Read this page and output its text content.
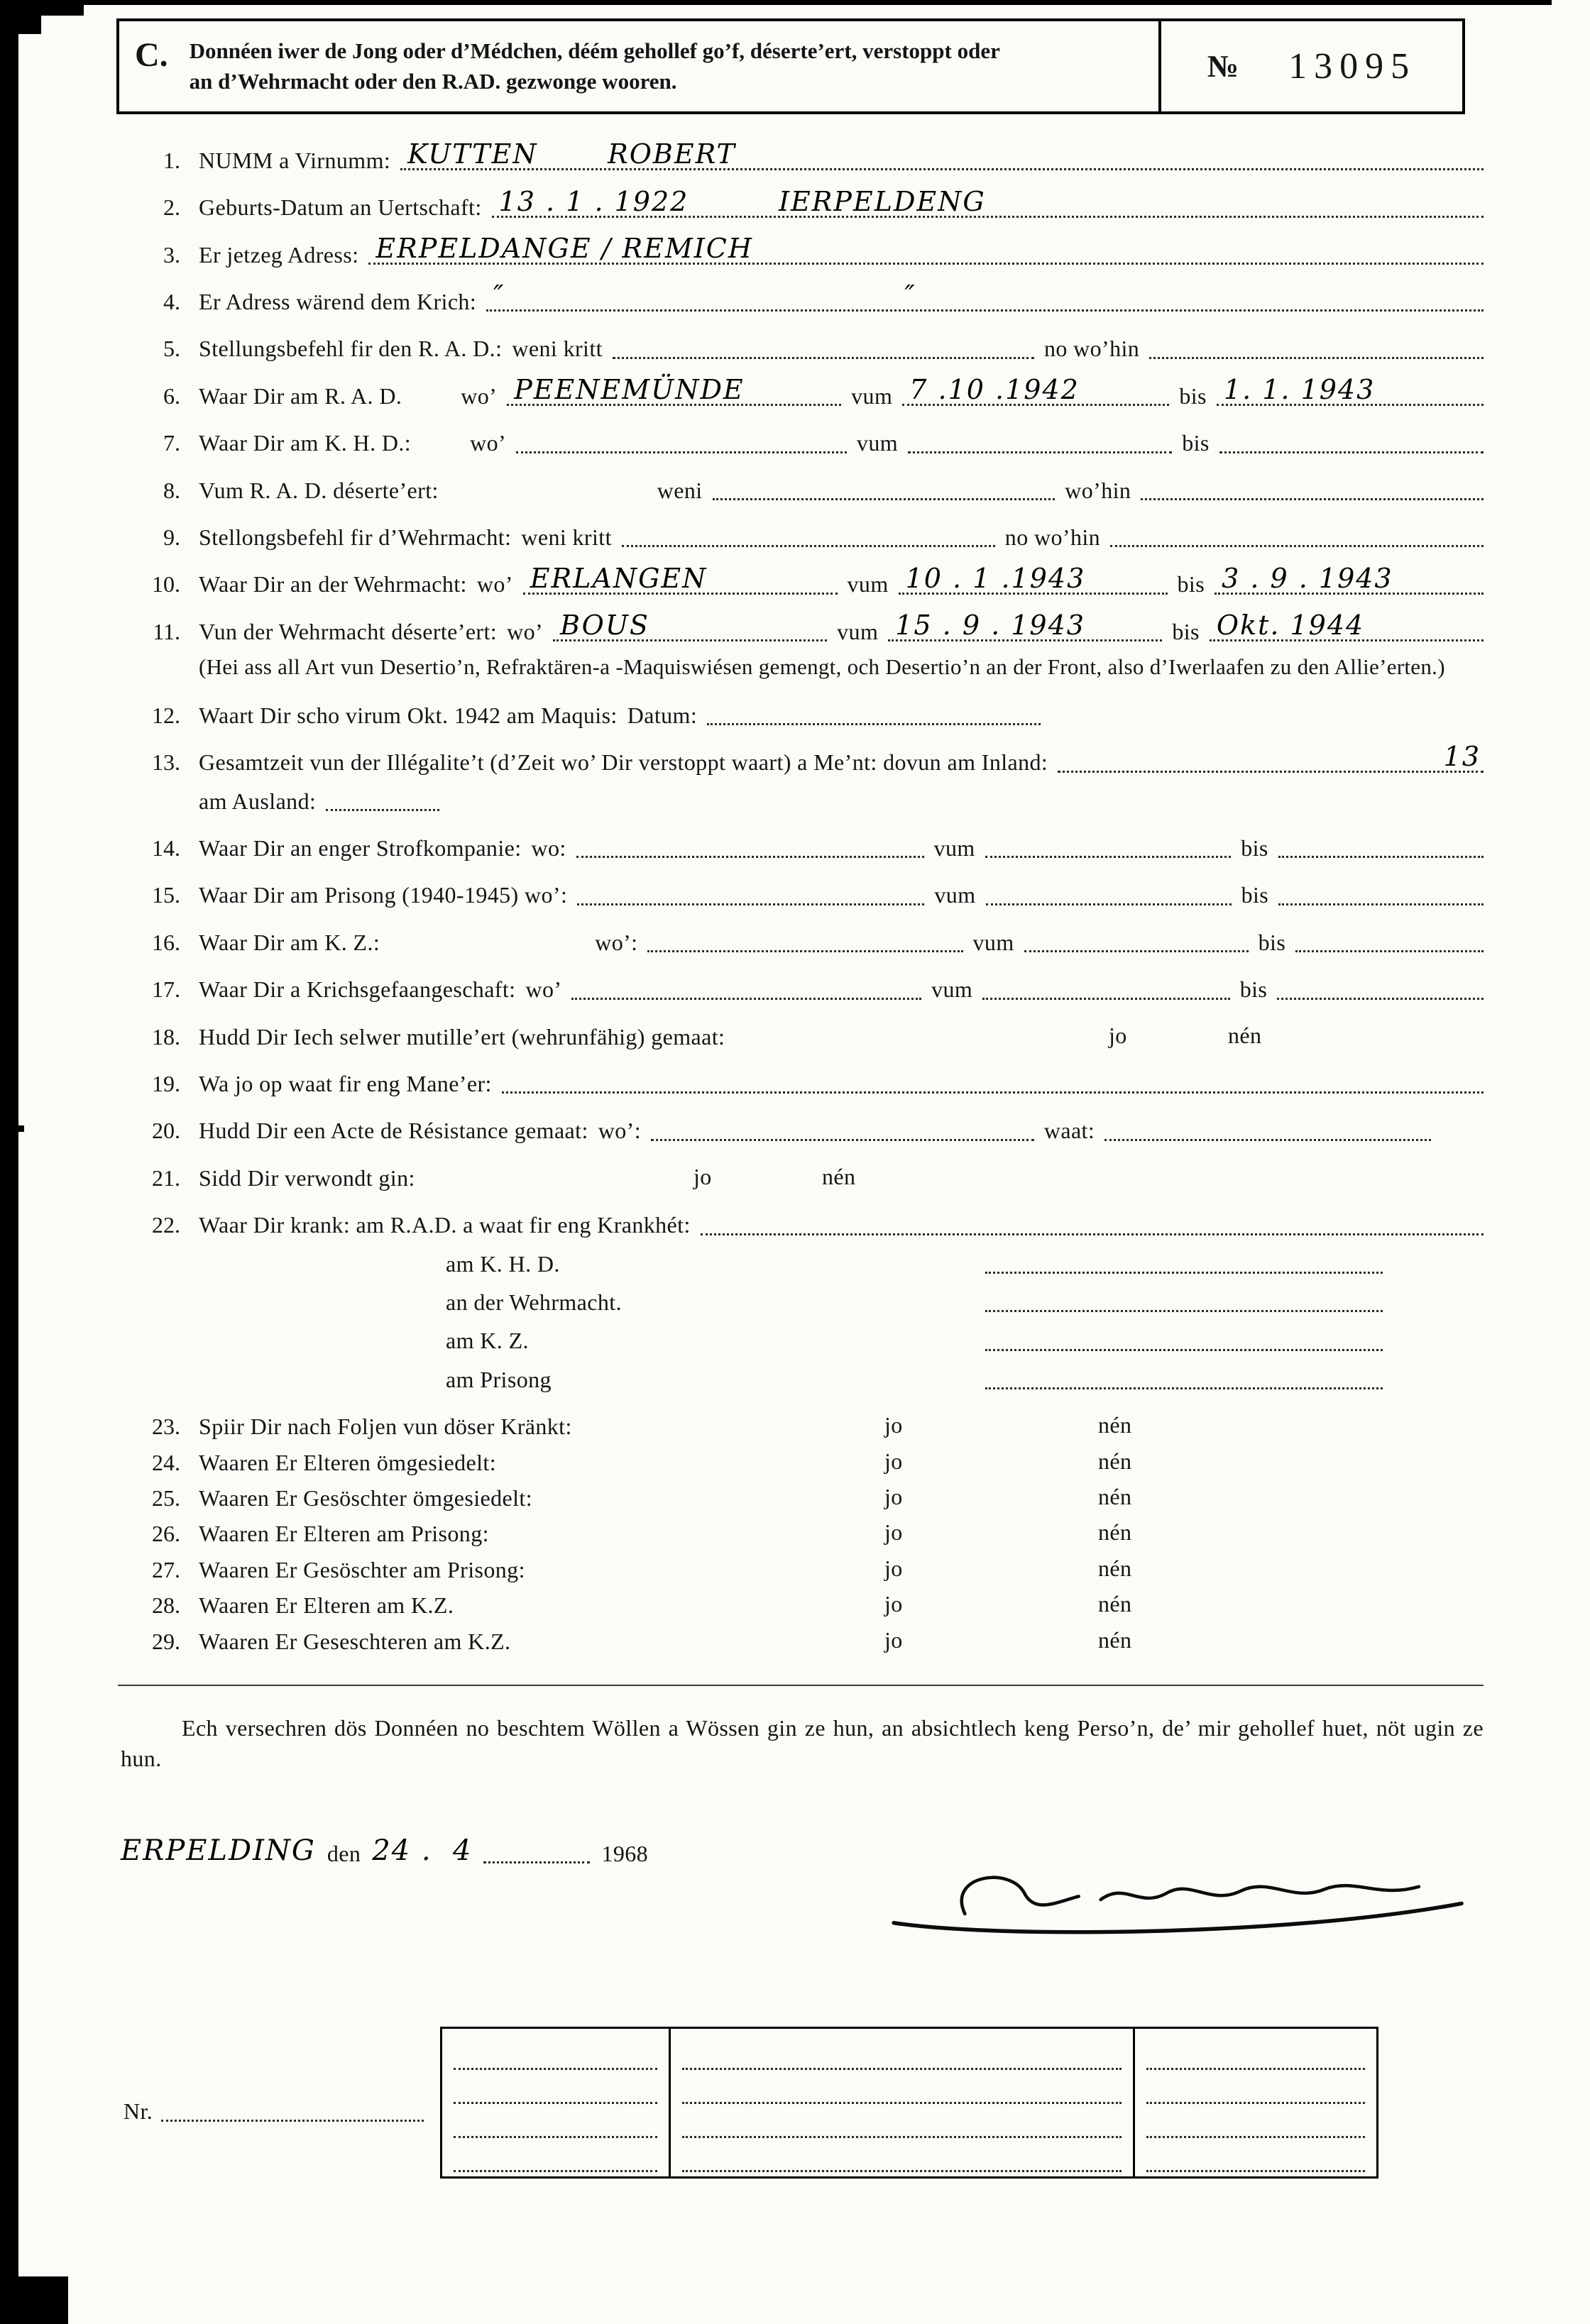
C. Donnéen iwer de Jong oder d’Médchen, déém gehollef go’f, déserte’ert, verstoppt oder an d’Wehrmacht oder den R.AD. gezwonge wooren.	№ 13095
1. NUMM a Virnumm: KUTTEN       ROBERT
2. Geburts-Datum an Uertschaft: 13 . 1 . 1922         IERPELDENG
3. Er jetzeg Adress: ERPELDANGE / REMICH
4. Er Adress wärend dem Krich: ″                                        ″
5. Stellungsbefehl fir den R. A. D.: weni kritt	no wo’hin
6. Waar Dir am R. A. D.	wo’ PEENEMÜNDE	vum 7 .10 .1942	bis 1. 1. 1943
7. Waar Dir am K. H. D.:	wo’	vum	bis
8. Vum R. A. D. déserte’ert:	weni	wo’hin
9. Stellongsbefehl fir d’Wehrmacht: weni kritt	no wo’hin
10. Waar Dir an der Wehrmacht: wo’ ERLANGEN	vum 10 . 1 .1943	bis 3 . 9 . 1943
11. Vun der Wehrmacht déserte’ert: wo’ BOUS	vum 15 . 9 . 1943	bis Okt. 1944
(Hei ass all Art vun Desertio’n, Refraktären-a -Maquiswiésen gemengt, och Desertio’n an der Front, also d’Iwerlaafen zu den Allie’erten.)
12. Waart Dir scho virum Okt. 1942 am Maquis: Datum:
13. Gesamtzeit vun der Illégalite’t (d’Zeit wo’ Dir verstoppt waart) a Me’nt: dovun am Inland:	13
am Ausland:
14. Waar Dir an enger Strofkompanie: wo:	vum	bis
15. Waar Dir am Prisong (1940-1945) wo’:	vum	bis
16. Waar Dir am K. Z.:	wo’:	vum	bis
17. Waar Dir a Krichsgefaangeschaft: wo’	vum	bis
18. Hudd Dir Iech selwer mutille’ert (wehrunfähig) gemaat:	jo	nén
19. Wa jo op waat fir eng Mane’er:
20. Hudd Dir een Acte de Résistance gemaat: wo’:	waat:
21. Sidd Dir verwondt gin:	jo	nén
22. Waar Dir krank: am R.A.D. a waat fir eng Krankhét:
am K. H. D.
an der Wehrmacht.
am K. Z.
am Prisong
23. Spiir Dir nach Foljen vun döser Kränkt:	jo	nén
24. Waaren Er Elteren ömgesiedelt:	jo	nén
25. Waaren Er Gesöschter ömgesiedelt:	jo	nén
26. Waaren Er Elteren am Prisong:	jo	nén
27. Waaren Er Gesöschter am Prisong:	jo	nén
28. Waaren Er Elteren am K.Z.	jo	nén
29. Waaren Er Geseschteren am K.Z.	jo	nén

Ech versechren dös Donnéen no beschtem Wöllen a Wössen gin ze hun, an absichtlech keng Perso’n, de’ mir gehollef huet, nöt ugin ze hun.

ERPELDING den 24 .  4	1968
Nr.
